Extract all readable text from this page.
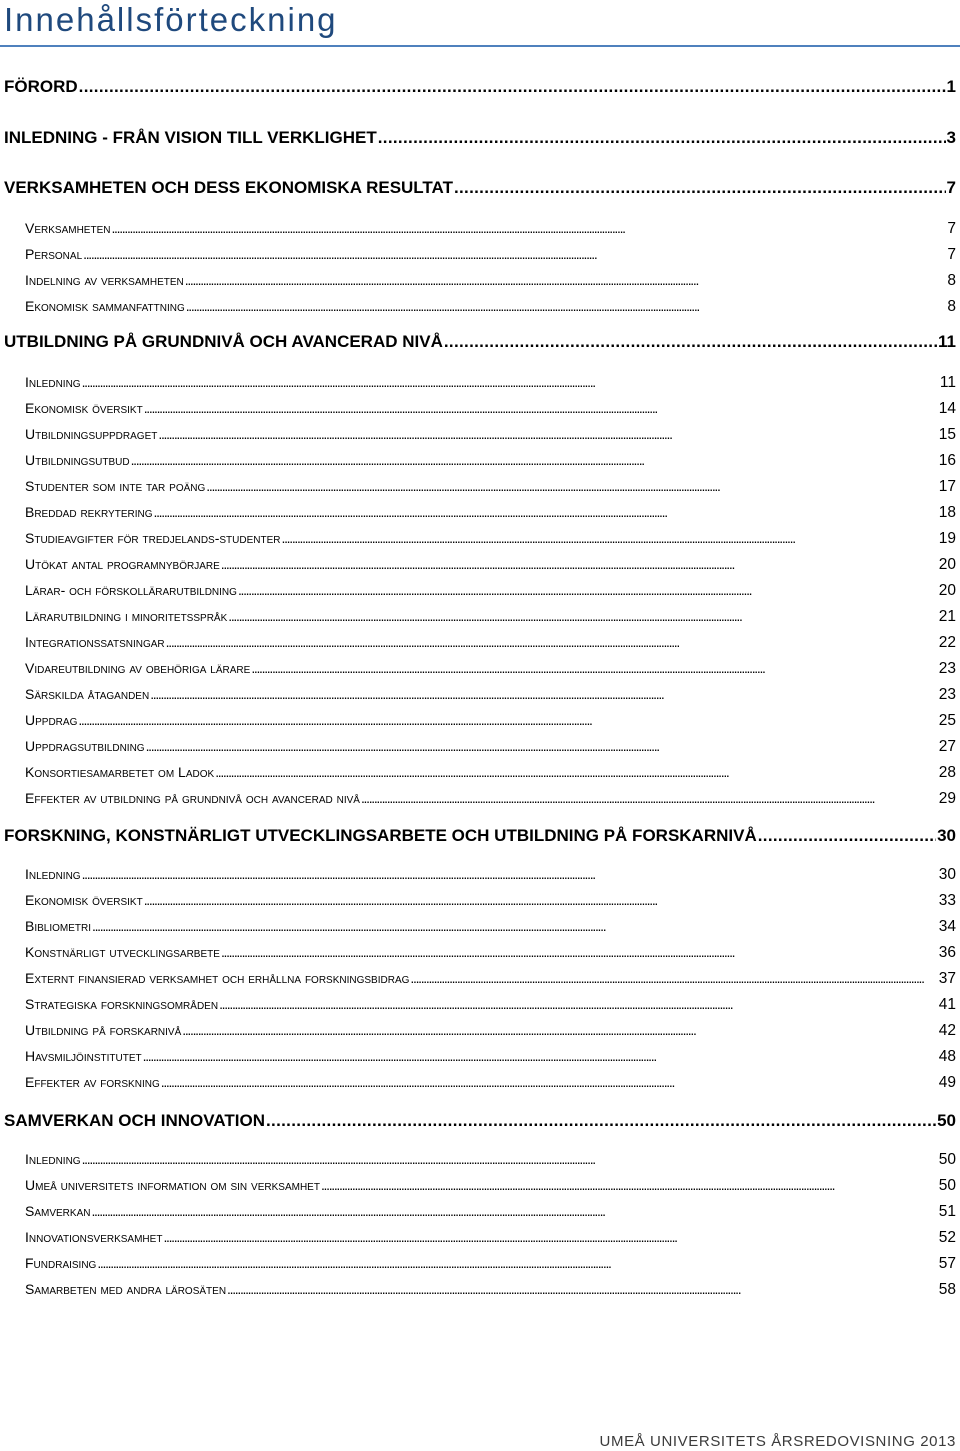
Innehållsförteckning
FÖRORD . . .	1
INLEDNING - FRÅN VISION TILL VERKLIGHET . . .	3
VERKSAMHETEN OCH DESS EKONOMISKA RESULTAT . . .	7
Verksamheten . . .	7
Personal . . .	7
Indelning av verksamheten . . .	8
Ekonomisk sammanfattning . . .	8
UTBILDNING PÅ GRUNDNIVÅ OCH AVANCERAD NIVÅ . . .	11
Inledning . . .	11
Ekonomisk översikt . . .	14
Utbildningsuppdraget . . .	15
Utbildningsutbud . . .	16
Studenter som inte tar poäng . . .	17
Breddad rekrytering . . .	18
Studieavgifter för tredjelands-studenter . . .	19
Utökat antal programnybörjare . . .	20
Lärar- och förskollärarutbildning . . .	20
Lärarutbildning i minoritetsspråk . . .	21
Integrationssatsningar . . .	22
Vidareutbildning av obehöriga lärare . . .	23
Särskilda åtaganden . . .	23
Uppdrag . . .	25
Uppdragsutbildning . . .	27
Konsortiesamarbetet om Ladok . . .	28
Effekter av utbildning på grundnivå och avancerad nivå . . .	29
FORSKNING, KONSTNÄRLIGT UTVECKLINGSARBETE OCH UTBILDNING PÅ FORSKARNIVÅ . . .	30
Inledning . . .	30
Ekonomisk översikt . . .	33
Bibliometri . . .	34
Konstnärligt utvecklingsarbete . . .	36
Externt finansierad verksamhet och erhållna forskningsbidrag . . .	37
Strategiska forskningsområden . . .	41
Utbildning på forskarnivå . . .	42
Havsmiljöinstitutet . . .	48
Effekter av forskning . . .	49
SAMVERKAN OCH INNOVATION . . .	50
Inledning . . .	50
Umeå universitets information om sin verksamhet . . .	50
Samverkan . . .	51
Innovationsverksamhet . . .	52
Fundraising . . .	57
Samarbeten med andra lärosäten . . .	58
UMEÅ UNIVERSITETS ÅRSREDOVISNING 2013
